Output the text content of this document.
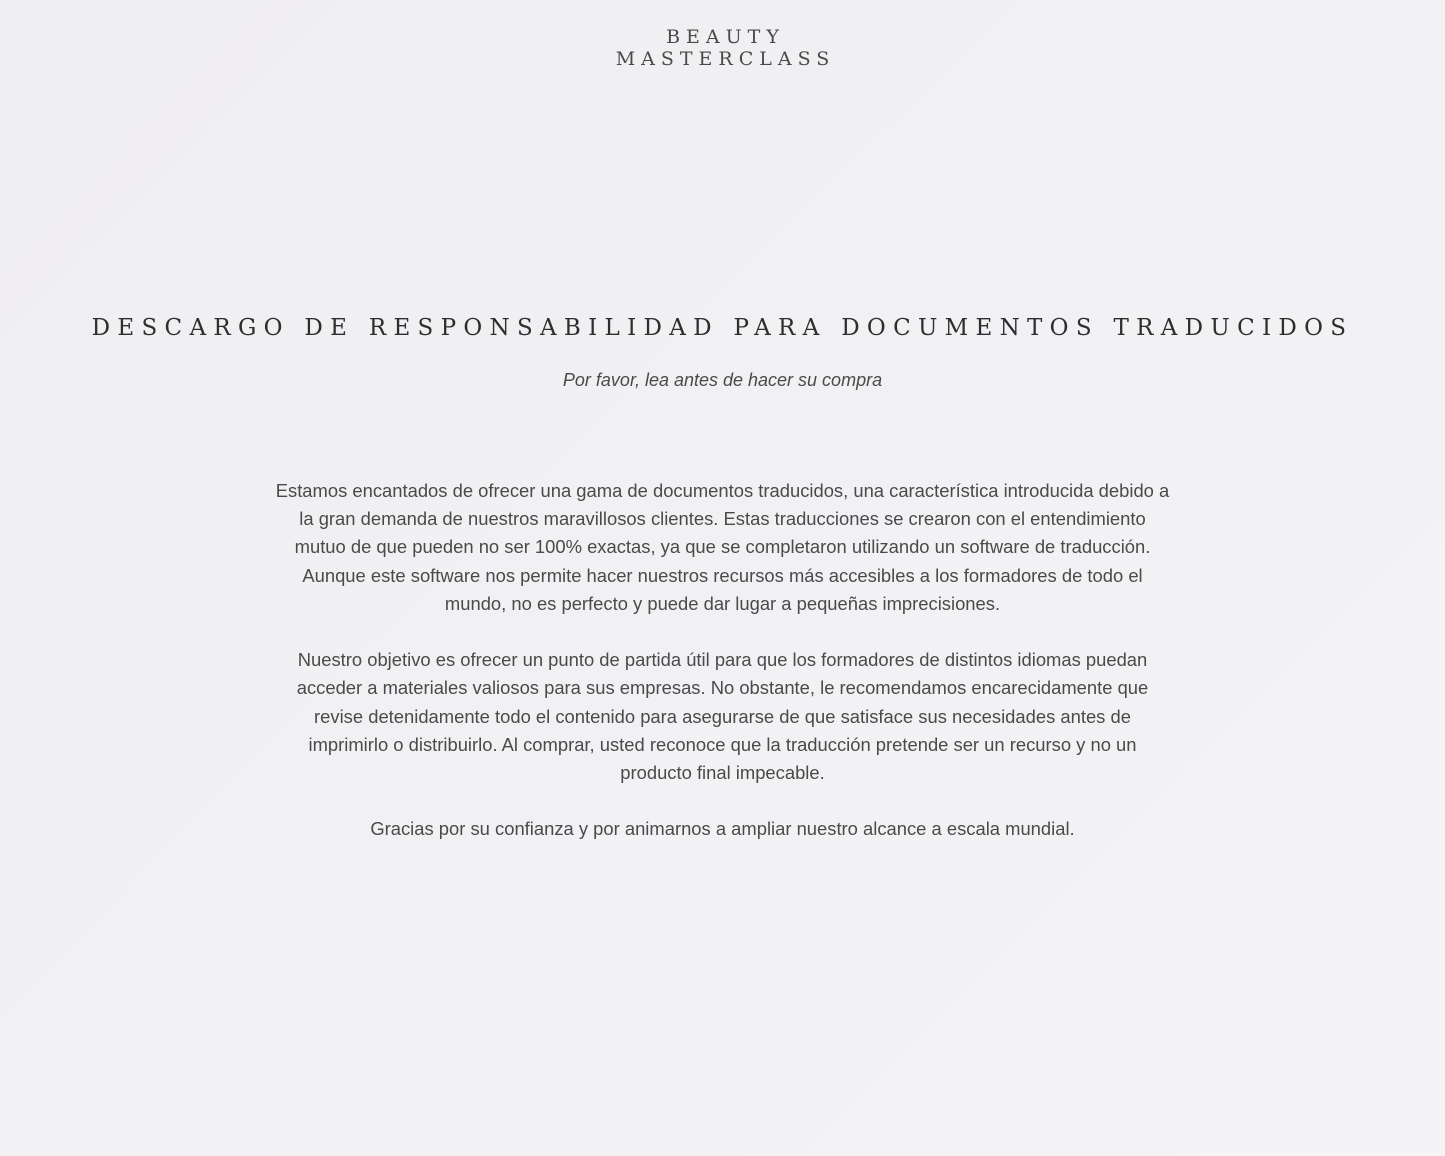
BEAUTY
MASTERCLASS
DESCARGO DE RESPONSABILIDAD PARA DOCUMENTOS TRADUCIDOS
Por favor, lea antes de hacer su compra

Estamos encantados de ofrecer una gama de documentos traducidos, una característica introducida debido a la gran demanda de nuestros maravillosos clientes. Estas traducciones se crearon con el entendimiento mutuo de que pueden no ser 100% exactas, ya que se completaron utilizando un software de traducción. Aunque este software nos permite hacer nuestros recursos más accesibles a los formadores de todo el mundo, no es perfecto y puede dar lugar a pequeñas imprecisiones.

Nuestro objetivo es ofrecer un punto de partida útil para que los formadores de distintos idiomas puedan acceder a materiales valiosos para sus empresas. No obstante, le recomendamos encarecidamente que revise detenidamente todo el contenido para asegurarse de que satisface sus necesidades antes de imprimirlo o distribuirlo. Al comprar, usted reconoce que la traducción pretende ser un recurso y no un producto final impecable.

Gracias por su confianza y por animarnos a ampliar nuestro alcance a escala mundial.
